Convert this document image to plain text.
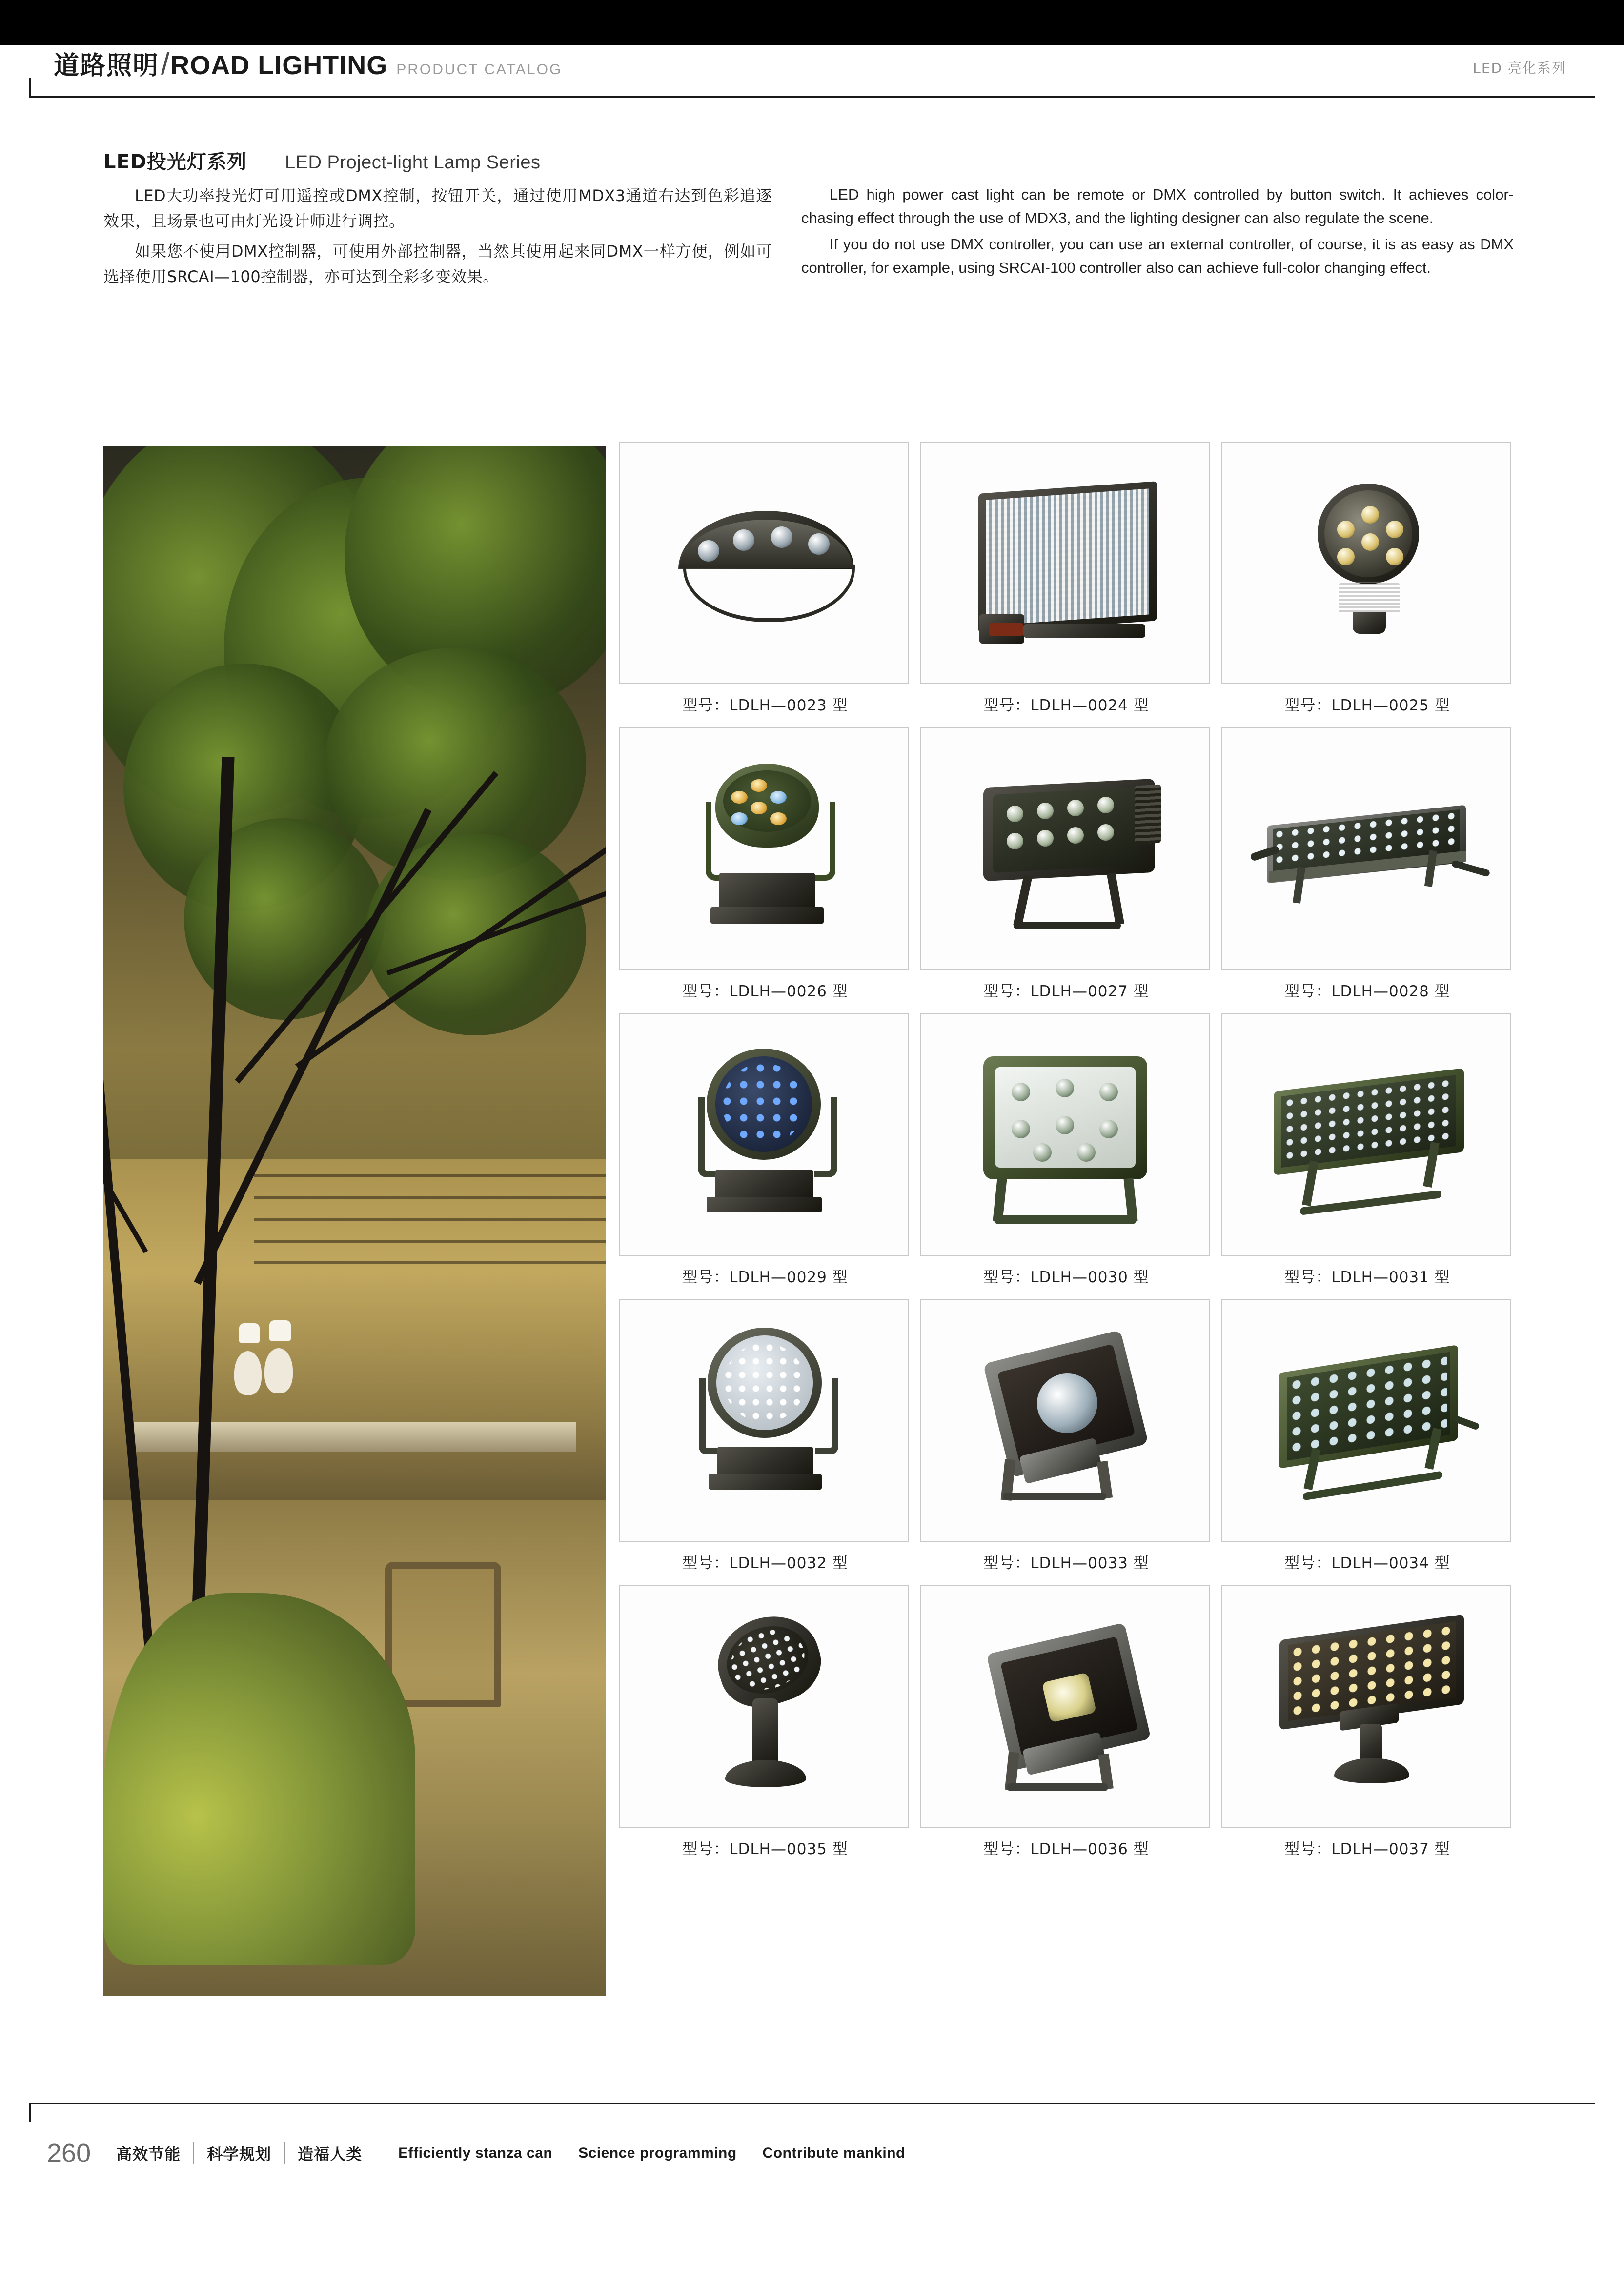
道路照明 / ROAD LIGHTING PRODUCT CATALOG	LED 亮化系列
LED投光灯系列 LED Project-light Lamp Series

LED大功率投光灯可用遥控或DMX控制，按钮开关，通过使用MDX3通道右达到色彩追逐效果，且场景也可由灯光设计师进行调控。

如果您不使用DMX控制器，可使用外部控制器，当然其使用起来同DMX一样方便，例如可选择使用SRCAI—100控制器，亦可达到全彩多变效果。

LED high power cast light can be remote or DMX controlled by button switch. It achieves color-chasing effect through the use of MDX3, and the lighting designer can also regulate the scene.

If you do not use DMX controller, you can use an external controller, of course, it is as easy as DMX controller, for example, using SRCAI-100 controller also can achieve full-color changing effect.

型号：LDLH—0023 型	型号：LDLH—0024 型	型号：LDLH—0025 型
型号：LDLH—0026 型	型号：LDLH—0027 型	型号：LDLH—0028 型
型号：LDLH—0029 型	型号：LDLH—0030 型	型号：LDLH—0031 型
型号：LDLH—0032 型	型号：LDLH—0033 型	型号：LDLH—0034 型
型号：LDLH—0035 型	型号：LDLH—0036 型	型号：LDLH—0037 型
260	高效节能	科学规划	造福人类	Efficiently stanza can Science programming Contribute mankind
